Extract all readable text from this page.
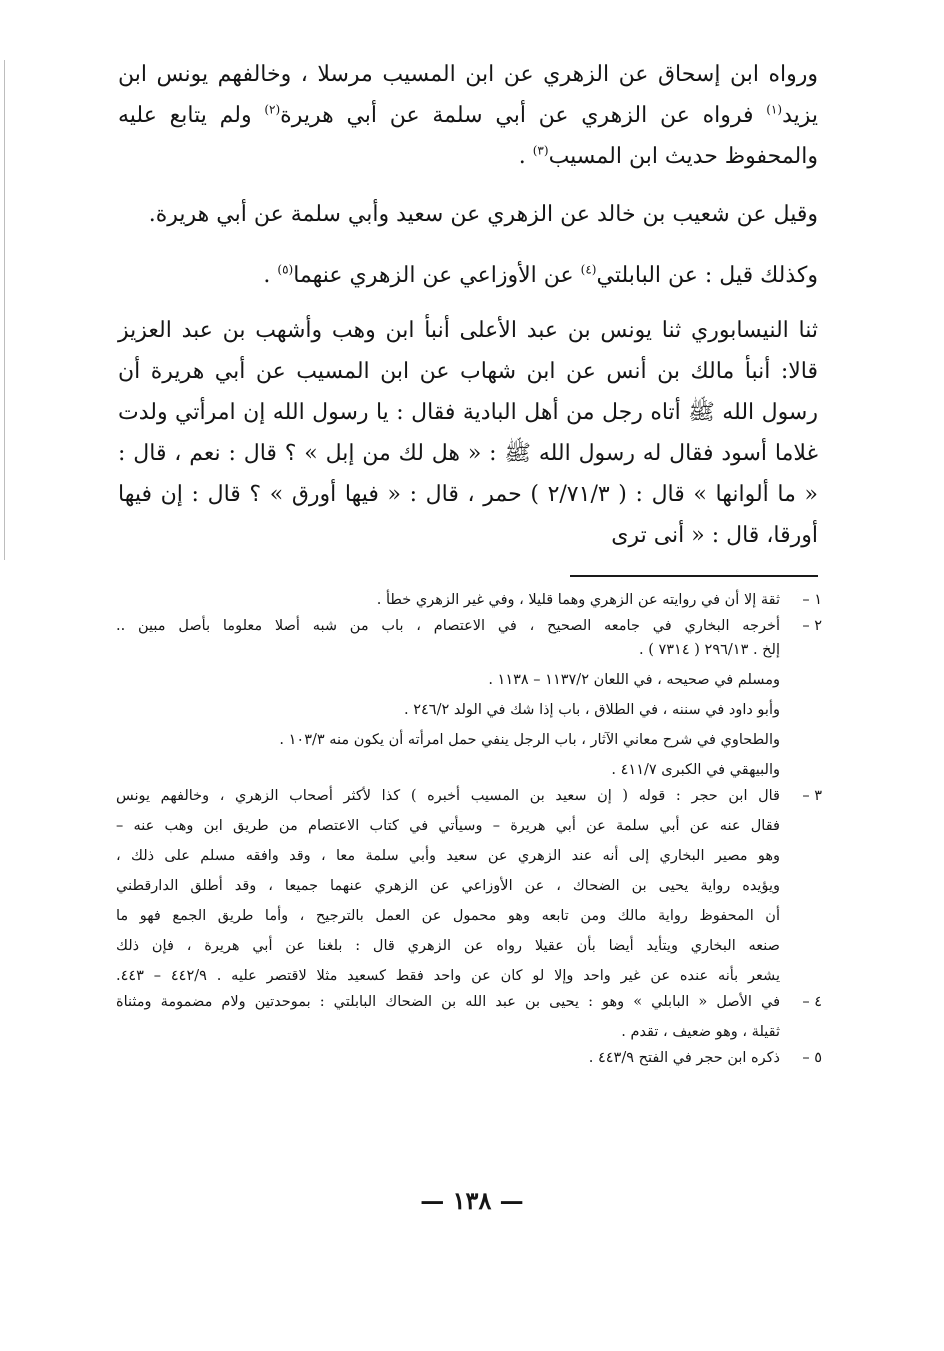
ورواه ابن إسحاق عن الزهري عن ابن المسيب مرسلا ، وخالفهم يونس ابن يزيد$^{(١)}$ فرواه عن الزهري عن أبي سلمة عن أبي هريرة$^{(٢)}$ ولم يتابع عليه والمحفوظ حديث ابن المسيب$^{(٣)}$ .

وقيل عن شعيب بن خالد عن الزهري عن سعيد وأبي سلمة عن أبي هريرة.

وكذلك قيل : عن البابلتي$^{(٤)}$ عن الأوزاعي عن الزهري عنهما$^{(٥)}$ .

ثنا النيسابوري ثنا يونس بن عبد الأعلى أنبأ ابن وهب وأشهب بن عبد العزيز قالا: أنبأ مالك بن أنس عن ابن شهاب عن ابن المسيب عن أبي هريرة أن رسول الله ﷺ أتاه رجل من أهل البادية فقال : يا رسول الله إن امرأتي ولدت غلاما أسود فقال له رسول الله ﷺ : « هل لك من إبل » ؟ قال : نعم ، قال : « ما ألوانها » قال : ( ٢/٧١/٣ ) حمر ، قال : « فيها أورق » ؟ قال : إن فيها أورقا، قال : « أنى ترى

١ –
ثقة إلا أن في روايته عن الزهري وهما قليلا ، وفي غير الزهري خطأ .
٢ –
أخرجه البخاري في جامعه الصحيح ، في الاعتصام ، باب من شبه أصلا معلوما بأصل مبين ..
إلخ . ٢٩٦/١٣ ( ٧٣١٤ ) .
ومسلم في صحيحه ، في اللعان ١١٣٧/٢ – ١١٣٨ .
وأبو داود في سننه ، في الطلاق ، باب إذا شك في الولد ٢٤٦/٢ .
والطحاوي في شرح معاني الآثار ، باب الرجل ينفي حمل امرأته أن يكون منه ١٠٣/٣ .
والبيهقي في الكبرى ٤١١/٧ .
٣ –
قال ابن حجر : قوله ( إن سعيد بن المسيب أخبره ) كذا لأكثر أصحاب الزهري ، وخالفهم يونس
فقال عنه عن أبي سلمة عن أبي هريرة – وسيأتي في كتاب الاعتصام من طريق ابن وهب عنه –
وهو مصير البخاري إلى أنه عند الزهري عن سعيد وأبي سلمة معا ، وقد وافقه مسلم على ذلك ،
ويؤيده رواية يحيى بن الضحاك ، عن الأوزاعي عن الزهري عنهما جميعا ، وقد أطلق الدارقطني
أن المحفوظ رواية مالك ومن تابعه وهو محمول عن العمل بالترجيح ، وأما طريق الجمع فهو ما
صنعه البخاري ويتأيد أيضا بأن عقيلا رواه عن الزهري قال : بلغنا عن أبي هريرة ، فإن ذلك
يشعر بأنه عنده عن غير واحد وإلا لو كان عن واحد فقط كسعيد مثلا لاقتصر عليه . ٤٤٢/٩ – ٤٤٣.
٤ –
في الأصل « البابلي » وهو : يحيى بن عبد الله بن الضحاك البابلتي : بموحدتين ولام مضمومة ومثناة
ثقيلة ، وهو ضعيف ، تقدم .
٥ –
ذكره ابن حجر في الفتح ٤٤٣/٩ .
— ١٣٨ —
